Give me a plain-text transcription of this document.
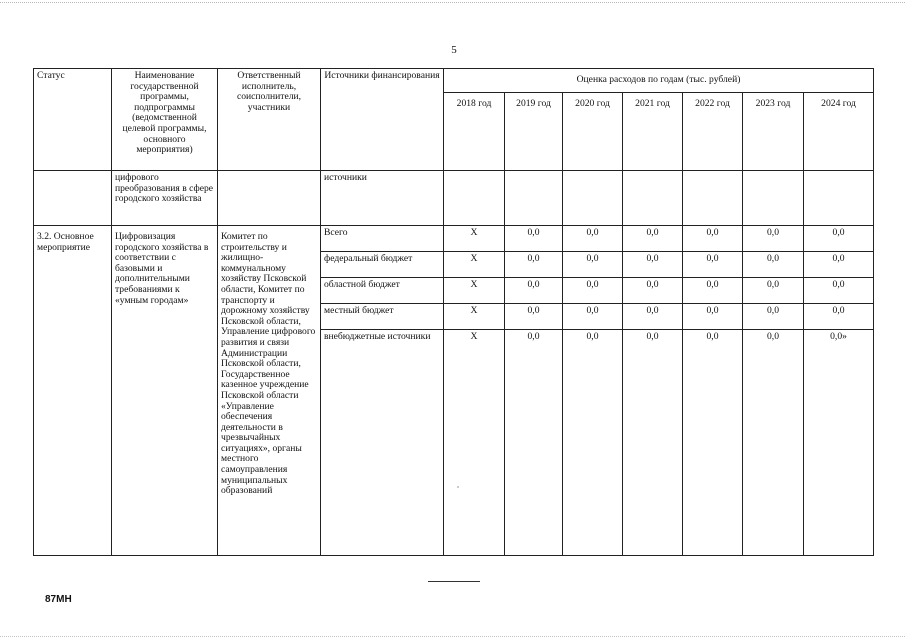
5
Статус	Наименование государственной программы, подпрограммы (ведомственной целевой программы, основного мероприятия)	Ответственный исполнитель, соисполнители, участники	Источники финансирования	Оценка расходов по годам (тыс. рублей)						
				2018 год	2019 год	2020 год	2021 год	2022 год	2023 год	2024 год
	цифрового преобразования в сфере городского хозяйства		источники							
3.2. Основное мероприятие	Цифровизация городского хозяйства в соответствии с базовыми и дополнительными требованиями к «умным городам»	Комитет по строительству и жилищно-коммунальному хозяйству Псковской области, Комитет по транспорту и дорожному хозяйству Псковской области, Управление цифрового развития и связи Администрации Псковской области, Государственное казенное учреждение Псковской области «Управление обеспечения деятельности в чрезвычайных ситуациях», органы местного самоуправления муниципальных образований	Всего	X	0,0	0,0	0,0	0,0	0,0	0,0
			федеральный бюджет	X	0,0	0,0	0,0	0,0	0,0	0,0
			областной бюджет	X	0,0	0,0	0,0	0,0	0,0	0,0
			местный бюджет	X	0,0	0,0	0,0	0,0	0,0	0,0
			внебюджетные источники	X	0,0	0,0	0,0	0,0	0,0	0,0»
87МН
